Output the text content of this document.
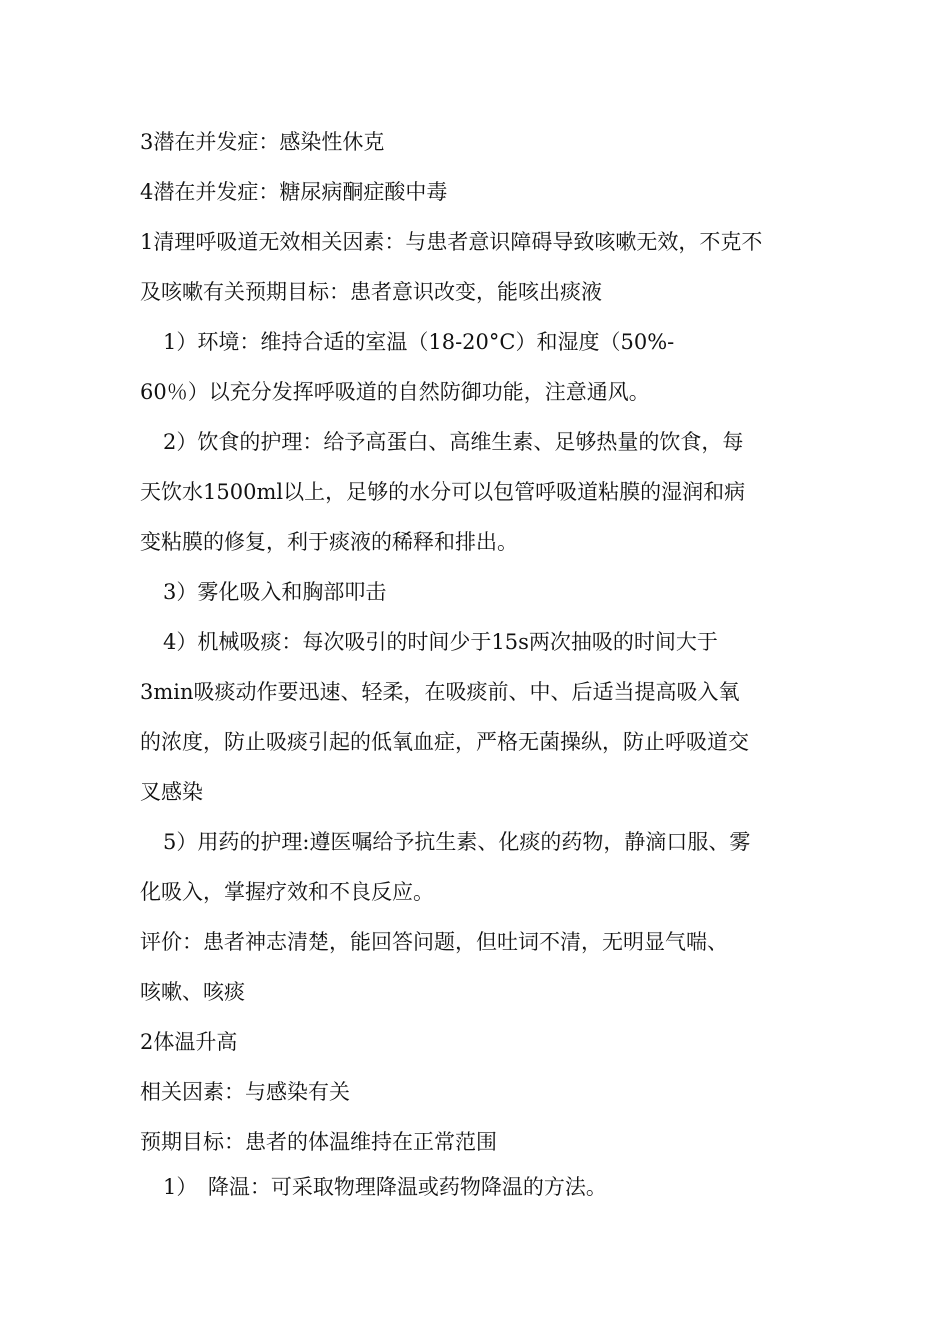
3潜在并发症：感染性休克

4潜在并发症：糖尿病酮症酸中毒

1清理呼吸道无效相关因素：与患者意识障碍导致咳嗽无效，不克不

及咳嗽有关预期目标：患者意识改变，能咳出痰液

1）环境：维持合适的室温（18-20°C）和湿度（50%-

60％）以充分发挥呼吸道的自然防御功能，注意通风。

2）饮食的护理：给予高蛋白、高维生素、足够热量的饮食，每

天饮水1500ml以上，足够的水分可以包管呼吸道粘膜的湿润和病

变粘膜的修复，利于痰液的稀释和排出。

3）雾化吸入和胸部叩击

4）机械吸痰：每次吸引的时间少于15s两次抽吸的时间大于

3min吸痰动作要迅速、轻柔，在吸痰前、中、后适当提高吸入氧

的浓度，防止吸痰引起的低氧血症，严格无菌操纵，防止呼吸道交

叉感染

5）用药的护理:遵医嘱给予抗生素、化痰的药物，静滴口服、雾

化吸入，掌握疗效和不良反应。

评价：患者神志清楚，能回答问题，但吐词不清，无明显气喘、

咳嗽、咳痰

2体温升高

相关因素：与感染有关

预期目标：患者的体温维持在正常范围

1）　降温：可采取物理降温或药物降温的方法。
